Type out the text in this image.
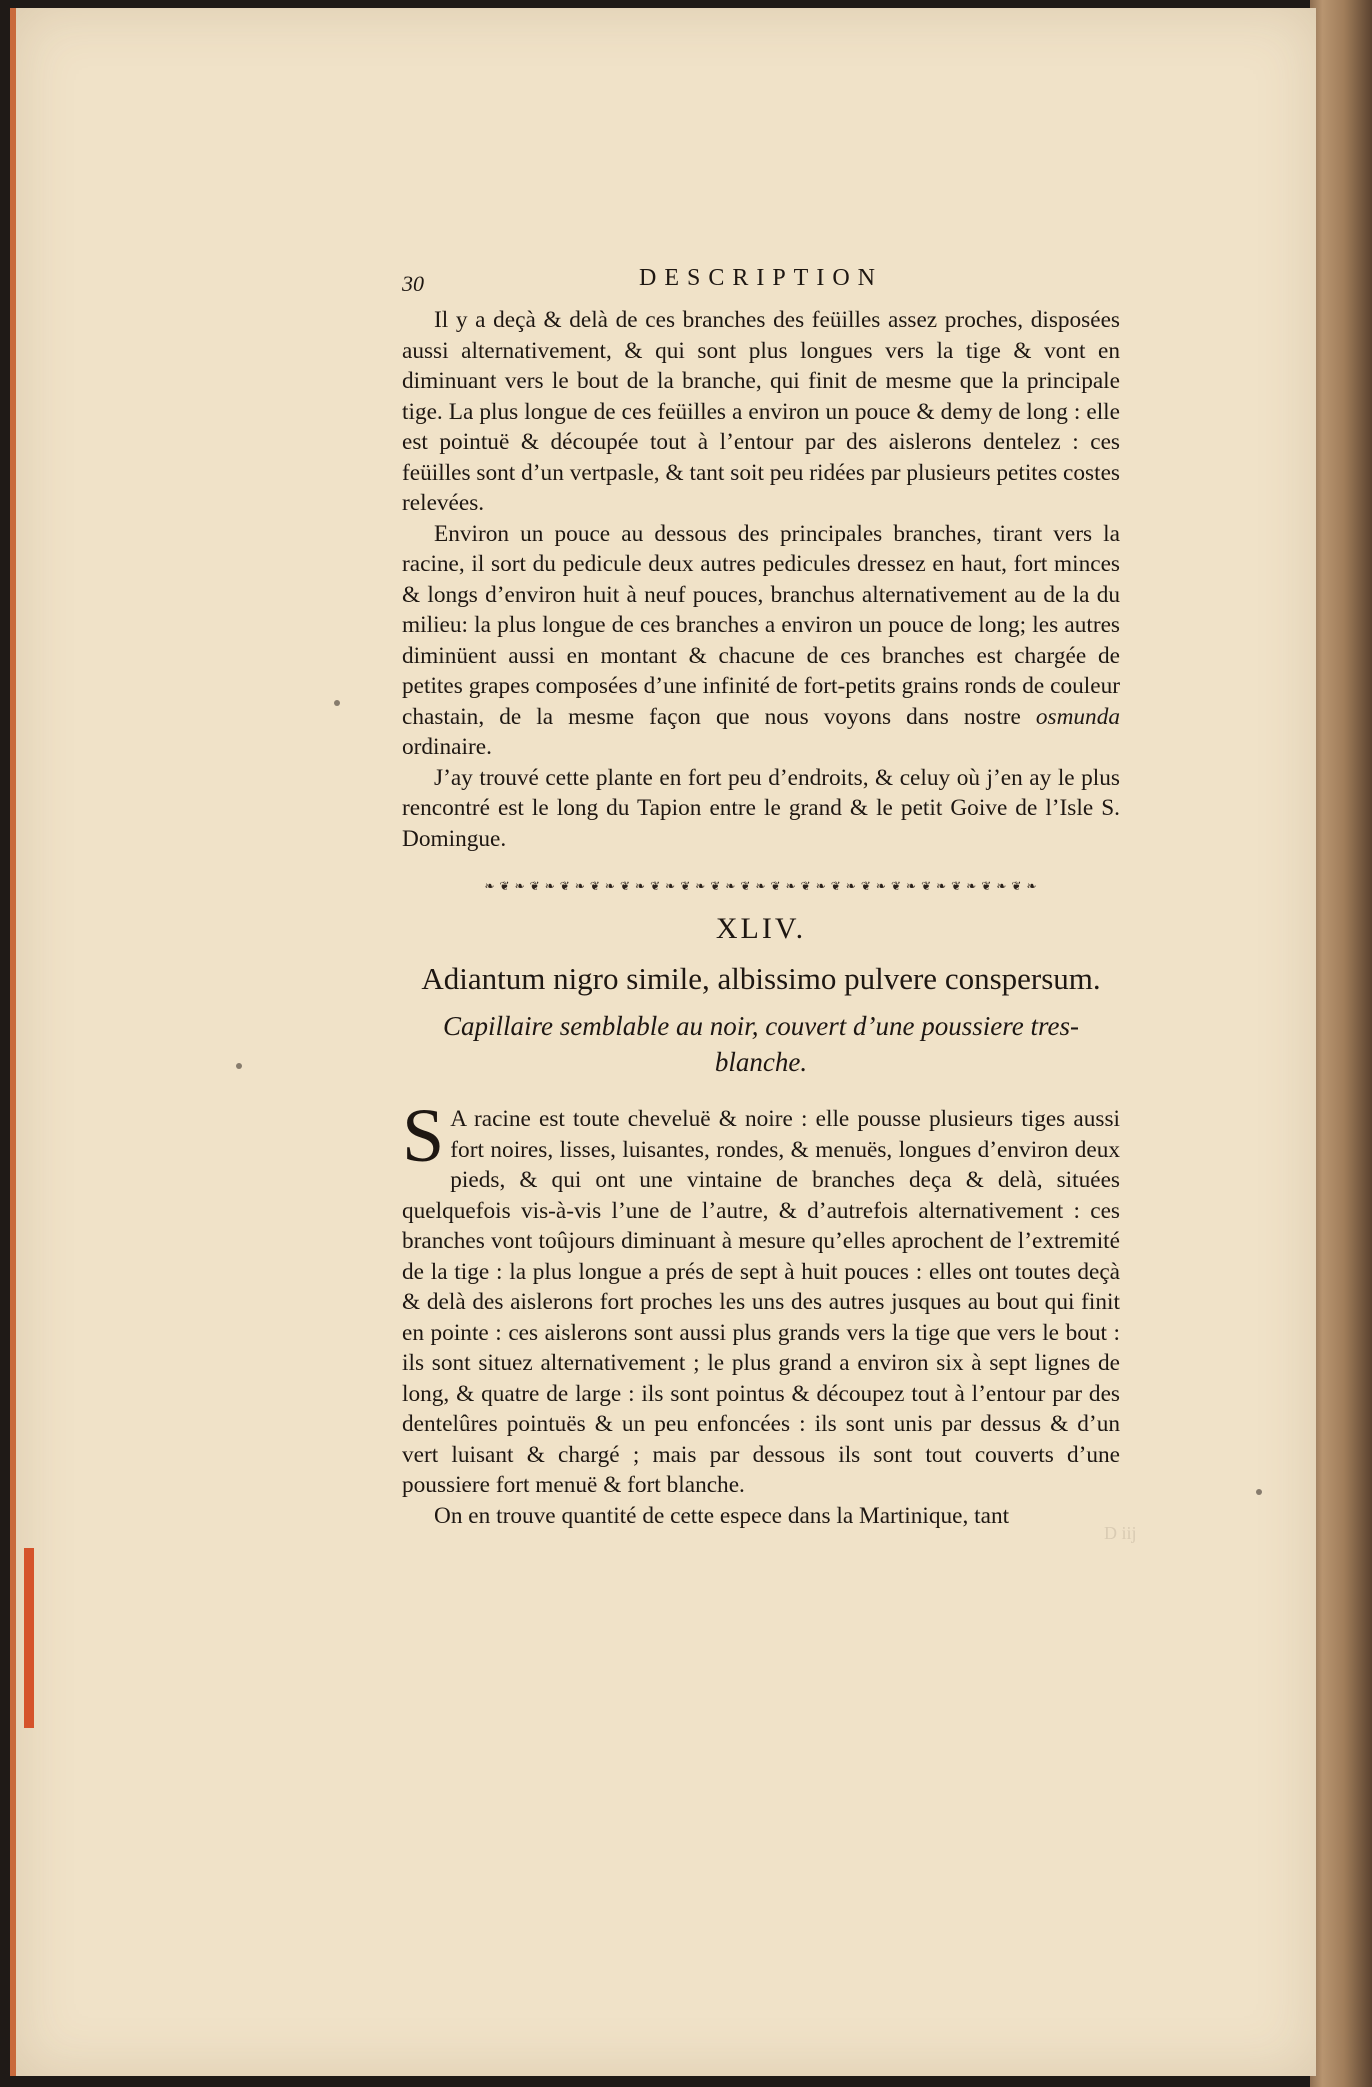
D iij
30	DESCRIPTION

Il y a deçà & delà de ces branches des feüilles assez proches, disposées aussi alternativement, & qui sont plus longues vers la tige & vont en diminuant vers le bout de la branche, qui finit de mesme que la principale tige. La plus longue de ces feüilles a environ un pouce & demy de long : elle est pointuë & découpée tout à l’entour par des aislerons dentelez : ces feüilles sont d’un vertpasle, & tant soit peu ridées par plusieurs petites costes relevées.

Environ un pouce au dessous des principales branches, tirant vers la racine, il sort du pedicule deux autres pedicules dressez en haut, fort minces & longs d’environ huit à neuf pouces, branchus alternativement au de la du milieu: la plus longue de ces branches a environ un pouce de long; les autres diminüent aussi en montant & chacune de ces branches est chargée de petites grapes composées d’une infinité de fort-petits grains ronds de couleur chastain, de la mesme façon que nous voyons dans nostre osmunda ordinaire.

J’ay trouvé cette plante en fort peu d’endroits, & celuy où j’en ay le plus rencontré est le long du Tapion entre le grand & le petit Goive de l’Isle S. Domingue.

❧ ❦ ❧ ❦ ❧ ❦ ❧ ❦ ❧ ❦ ❧ ❦ ❧ ❦ ❧ ❦ ❧ ❦ ❧ ❦ ❧ ❦ ❧ ❦ ❧ ❦ ❧ ❦ ❧ ❦ ❧ ❦ ❧ ❦ ❧ ❦ ❧
XLIV.
Adiantum nigro simile, albissimo pulvere conspersum.
Capillaire semblable au noir, couvert d’une poussiere tres-blanche.
S A racine est toute cheveluë & noire : elle pousse plusieurs tiges aussi fort noires, lisses, luisantes, rondes, & menuës, longues d’environ deux pieds, & qui ont une vintaine de branches deça & delà, situées quelquefois vis-à-vis l’une de l’autre, & d’autrefois alternativement : ces branches vont toûjours diminuant à mesure qu’elles aprochent de l’extremité de la tige : la plus longue a prés de sept à huit pouces : elles ont toutes deçà & delà des aislerons fort proches les uns des autres jusques au bout qui finit en pointe : ces aislerons sont aussi plus grands vers la tige que vers le bout : ils sont situez alternativement ; le plus grand a environ six à sept lignes de long, & quatre de large : ils sont pointus & découpez tout à l’entour par des dentelûres pointuës & un peu enfoncées : ils sont unis par dessus & d’un vert luisant & chargé ; mais par dessous ils sont tout couverts d’une poussiere fort menuë & fort blanche.

On en trouve quantité de cette espece dans la Martinique, tant
